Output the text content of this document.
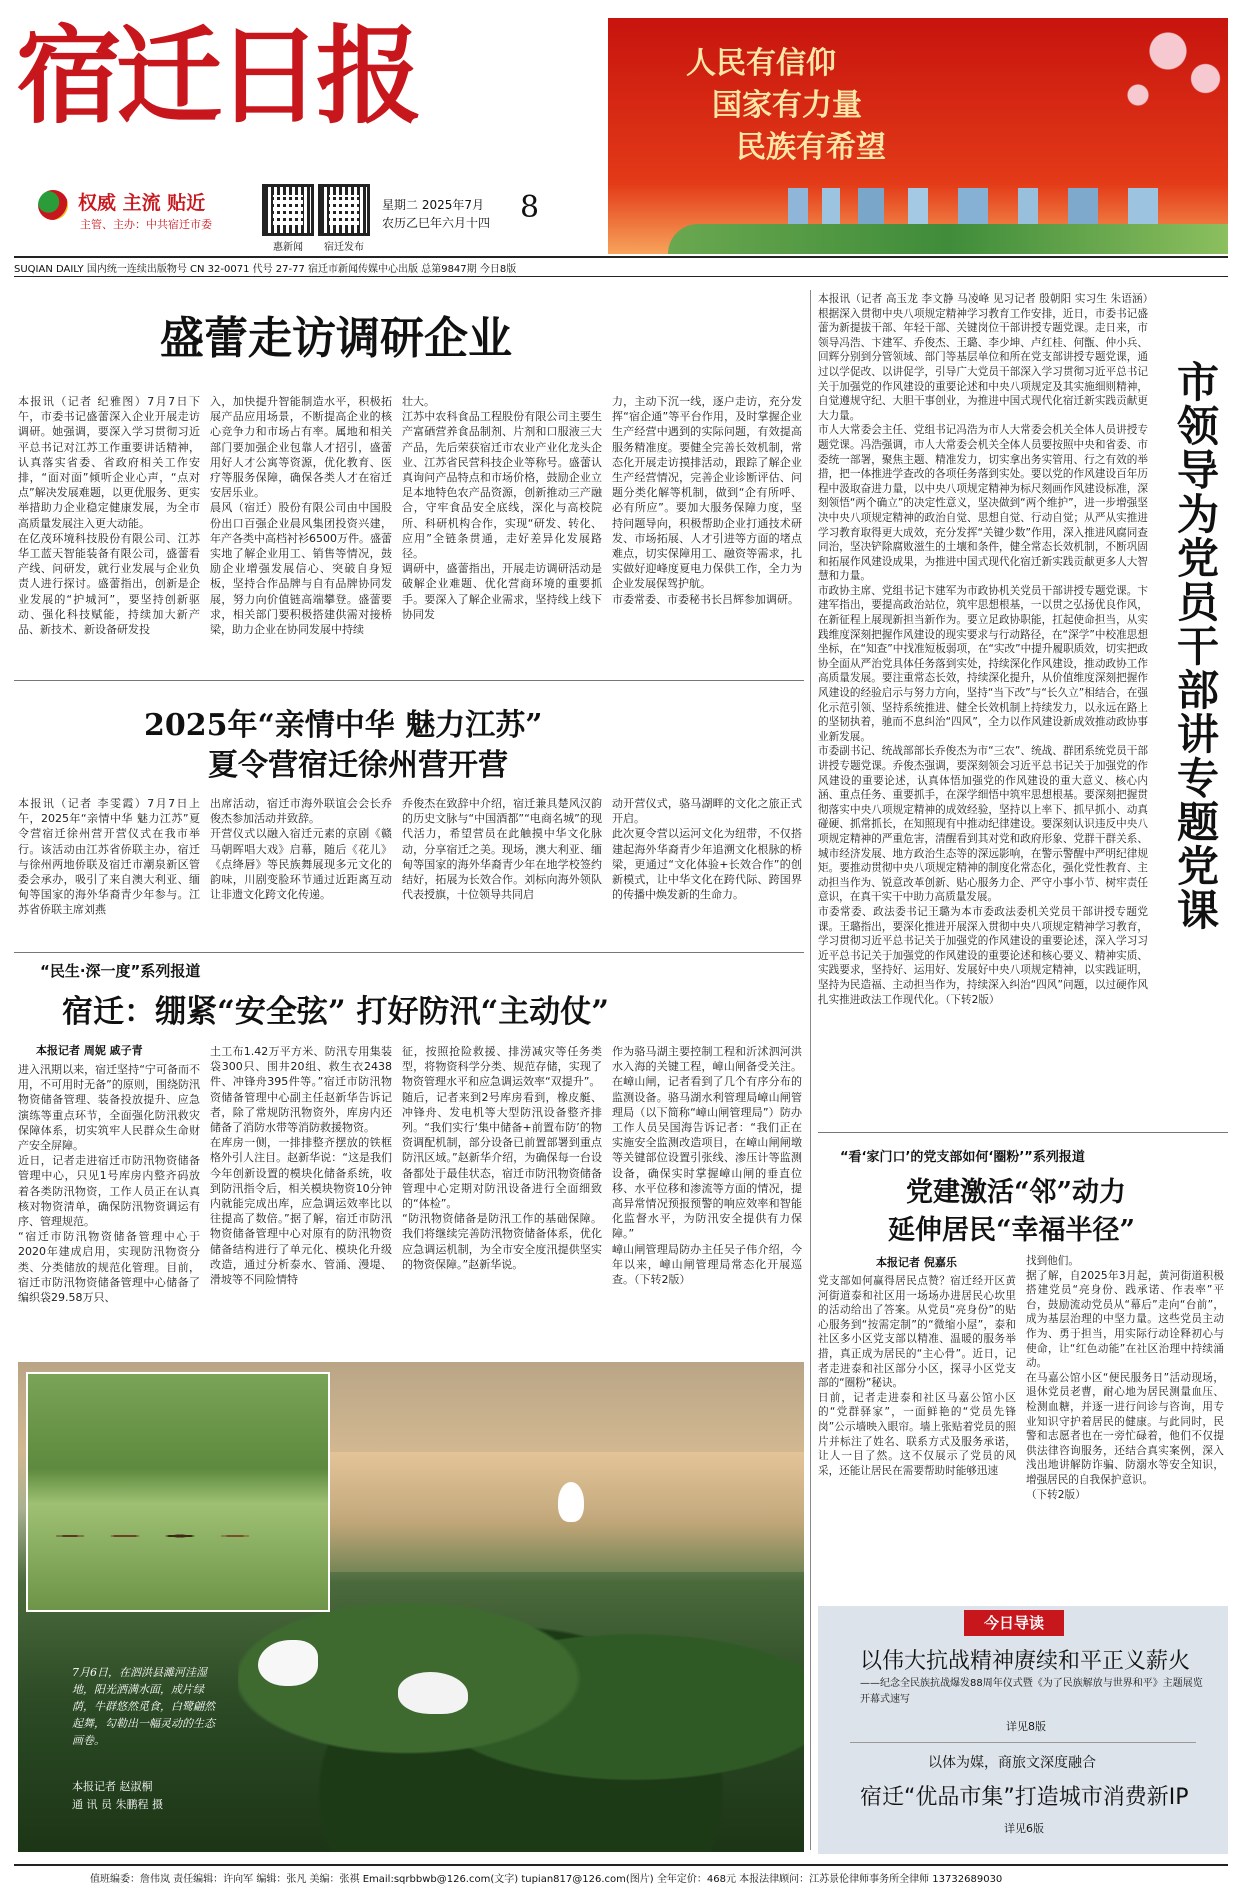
宿迁日报
权威 主流 贴近
主管、主办：中共宿迁市委
惠新闻	宿迁发布
星期二 2025年7月
农历乙巳年六月十四 8
人民有信仰
国家有力量
民族有希望
SUQIAN DAILY 国内统一连续出版物号 CN 32-0071 代号 27-77 宿迁市新闻传媒中心出版 总第9847期 今日8版
盛蕾走访调研企业
本报讯（记者 纪雅图）7月7日下午，市委书记盛蕾深入企业开展走访调研。她强调，要深入学习贯彻习近平总书记对江苏工作重要讲话精神，认真落实省委、省政府相关工作安排，“面对面”倾听企业心声，“点对点”解决发展难题，以更优服务、更实举措助力企业稳定健康发展，为全市高质量发展注入更大动能。
在亿茂环境科技股份有限公司、江苏华工蓝天智能装备有限公司，盛蕾看产线、问研发，就行业发展与企业负责人进行探讨。盛蕾指出，创新是企业发展的“护城河”，要坚持创新驱动、强化科技赋能，持续加大新产品、新技术、新设备研发投
入，加快提升智能制造水平，积极拓展产品应用场景，不断提高企业的核心竞争力和市场占有率。属地和相关部门要加强企业包靠人才招引，盛蕾用好人才公寓等资源，优化教育、医疗等服务保障，确保各类人才在宿迁安居乐业。
晨风（宿迁）股份有限公司由中国股份出口百强企业晨风集团投资兴建，年产各类中高档衬衫6500万件。盛蕾实地了解企业用工、销售等情况，鼓励企业增强发展信心、突破自身短板，坚持合作品牌与自有品牌协同发展，努力向价值链高端攀登。盛蕾要求，相关部门要积极搭建供需对接桥梁，助力企业在协同发展中持续
壮大。
江苏中农科食品工程股份有限公司主要生产富硒营养食品制剂、片剂和口服液三大产品，先后荣获宿迁市农业产业化龙头企业、江苏省民营科技企业等称号。盛蕾认真询问产品特点和市场价格，鼓励企业立足本地特色农产品资源，创新推动三产融合，守牢食品安全底线，深化与高校院所、科研机构合作，实现“研发、转化、应用”全链条贯通，走好差异化发展路径。
调研中，盛蕾指出，开展走访调研活动是破解企业难题、优化营商环境的重要抓手。要深入了解企业需求，坚持线上线下协同发
力，主动下沉一线，逐户走访，充分发挥“宿企通”等平台作用，及时掌握企业生产经营中遇到的实际问题，有效提高服务精准度。要健全完善长效机制，常态化开展走访摸排活动，跟踪了解企业生产经营情况，完善企业诊断评估、问题分类化解等机制，做到“企有所呼、必有所应”。要加大服务保障力度，坚持问题导向，积极帮助企业打通技术研发、市场拓展、人才引进等方面的堵点难点，切实保障用工、融资等需求，扎实做好迎峰度夏电力保供工作，全力为企业发展保驾护航。
市委常委、市委秘书长吕辉参加调研。
2025年“亲情中华 魅力江苏”
夏令营宿迁徐州营开营
本报讯（记者 李雯霞）7月7日上午，2025年“亲情中华 魅力江苏”夏令营宿迁徐州营开营仪式在我市举行。该活动由江苏省侨联主办，宿迁与徐州两地侨联及宿迁市潮泉新区管委会承办，吸引了来自澳大利亚、缅甸等国家的海外华裔青少年参与。江苏省侨联主席刘燕
出席活动，宿迁市海外联谊会会长乔俊杰参加活动并致辞。
开营仪式以融入宿迁元素的京剧《赣马朝晖唱大戏》启幕，随后《花儿》《点绛唇》等民族舞展现多元文化的韵味，川剧变脸环节通过近距离互动让非遗文化跨文化传递。
乔俊杰在致辞中介绍，宿迁兼具楚风汉韵的历史文脉与“中国酒都”“电商名城”的现代活力，希望营员在此触摸中华文化脉动，分享宿迁之美。现场，澳大利亚、缅甸等国家的海外华裔青少年在地学校签约结好，拓展为长效合作。刘标向海外领队代表授旗，十位领导共同启
动开营仪式，骆马湖畔的文化之旅正式开启。
此次夏令营以运河文化为纽带，不仅搭建起海外华裔青少年追溯文化根脉的桥梁，更通过“文化体验+长效合作”的创新模式，让中华文化在跨代际、跨国界的传播中焕发新的生命力。
“民生·深一度”系列报道
宿迁：绷紧“安全弦” 打好防汛“主动仗”
本报记者 周妮 戚子青
进入汛期以来，宿迁坚持“宁可备而不用，不可用时无备”的原则，围绕防汛物资储备管理、装备投放提升、应急演练等重点环节，全面强化防汛救灾保障体系，切实筑牢人民群众生命财产安全屏障。
近日，记者走进宿迁市防汛物资储备管理中心，只见1号库房内整齐码放着各类防汛物资，工作人员正在认真核对物资清单，确保防汛物资调运有序、管理规范。
“宿迁市防汛物资储备管理中心于2020年建成启用，实现防汛物资分类、分类储放的规范化管理。目前，宿迁市防汛物资储备管理中心储备了编织袋29.58万只、
土工布1.42万平方米、防汛专用集装袋300只、围井20组、救生衣2438件、冲锋舟395件等。”宿迁市防汛物资储备管理中心副主任赵新华告诉记者，除了常规防汛物资外，库房内还储备了消防水带等消防救援物资。
在库房一侧，一排排整齐摆放的铁框格外引人注目。赵新华说：“这是我们今年创新设置的模块化储备系统，收到防汛指令后，相关模块物资10分钟内就能完成出库，应急调运效率比以往提高了数倍。”据了解，宿迁市防汛物资储备管理中心对原有的防汛物资储备结构进行了单元化、模块化升级改造，通过分析泰水、管涌、漫堤、滑坡等不同险情特
征，按照抢险救援、排涝减灾等任务类型，将物资科学分类、规范存储，实现了物资管理水平和应急调运效率“双提升”。
随后，记者来到2号库房看到，橡皮艇、冲锋舟、发电机等大型防汛设备整齐排列。“我们实行‘集中储备+前置布防’的物资调配机制，部分设备已前置部署到重点防汛区域。”赵新华介绍，为确保每一台设备都处于最佳状态，宿迁市防汛物资储备管理中心定期对防汛设备进行全面细致的“体检”。
“防汛物资储备是防汛工作的基础保障。我们将继续完善防汛物资储备体系，优化应急调运机制，为全市安全度汛提供坚实的物资保障。”赵新华说。
作为骆马湖主要控制工程和沂沭泗河洪水入海的关键工程，嶂山闸备受关注。在嶂山闸，记者看到了几个有序分布的监测设备。骆马湖水利管理局嶂山闸管理局（以下简称“嶂山闸管理局”）防办工作人员吴国海告诉记者：“我们正在实施安全监测改造项目，在嶂山闸闸墩等关键部位设置引张线、渗压计等监测设备，确保实时掌握嶂山闸的垂直位移、水平位移和渗流等方面的情况，提高异常情况预报预警的响应效率和智能化监督水平，为防汛安全提供有力保障。”
嶂山闸管理局防办主任吴子伟介绍，今年以来，嶂山闸管理局常态化开展巡查。（下转2版）
7月6日，在泗洪县濉河洼湿地，阳光洒满水面，成片绿荫，牛群悠然觅食，白鹭翩然起舞，勾勒出一幅灵动的生态画卷。
本报记者 赵淑桐
通 讯 员 朱鹏程 摄
本报讯（记者 高玉龙 李文静 马凌峰 见习记者 殷朝阳 实习生 朱语涵）根据深入贯彻中央八项规定精神学习教育工作安排，近日，市委书记盛蕾为新提拔干部、年轻干部、关键岗位干部讲授专题党课。走日来，市领导冯浩、卞建军、乔俊杰、王璐、李少坤、卢红桂、何甑、仲小兵、回辉分别到分管领域、部门等基层单位和所在党支部讲授专题党课，通过以学促改、以讲促学，引导广大党员干部深入学习贯彻习近平总书记关于加强党的作风建设的重要论述和中央八项规定及其实施细则精神，自觉遵规守纪、大胆干事创业，为推进中国式现代化宿迁新实践贡献更大力量。
市人大常委会主任、党组书记冯浩为市人大常委会机关全体人员讲授专题党课。冯浩强调，市人大常委会机关全体人员要按照中央和省委、市委统一部署，聚焦主题、精准发力，切实拿出务实管用、行之有效的举措，把一体推进学查改的各项任务落到实处。要以党的作风建设百年历程中汲取奋进力量，以中央八项规定精神为标尺刻画作风建设标准，深刻领悟“两个确立”的决定性意义，坚决做到“两个维护”，进一步增强坚决中央八项规定精神的政治自觉、思想自觉、行动自觉；从严从实推进学习教育取得更大成效，充分发挥“关键少数”作用，深入推进风腐同查同治，坚决铲除腐败滋生的土壤和条件，健全常态长效机制，不断巩固和拓展作风建设成果，为推进中国式现代化宿迁新实践贡献更多人大智慧和力量。
市政协主席、党组书记卞建军为市政协机关党员干部讲授专题党课。卞建军指出，要提高政治站位，筑牢思想根基，一以贯之弘扬优良作风，在新征程上展现新担当新作为。要立足政协职能，扛起使命担当，从实践维度深刻把握作风建设的现实要求与行动路径，在“深学”中校准思想坐标，在“知查”中找准短板弱项，在“实改”中提升履职质效，切实把政协全面从严治党具体任务落到实处，持续深化作风建设，推动政协工作高质量发展。要注重常态长效，持续深化提升，从价值维度深刻把握作风建设的经验启示与努力方向，坚持“当下改”与“长久立”相结合，在强化示范引领、坚持系统推进、健全长效机制上持续发力，以永远在路上的坚韧执着，驰而不息纠治“四风”，全力以作风建设新成效推动政协事业新发展。
市委副书记、统战部部长乔俊杰为市“三农”、统战、群团系统党员干部讲授专题党课。乔俊杰强调，要深刻领会习近平总书记关于加强党的作风建设的重要论述，认真体悟加强党的作风建设的重大意义、核心内涵、重点任务、重要抓手，在深学细悟中筑牢思想根基。要深刻把握贯彻落实中央八项规定精神的成效经验，坚持以上率下、抓早抓小、动真碰硬、抓常抓长，在知照现有中推动纪律建设。要深刻认识违反中央八项规定精神的严重危害，清醒看到其对党和政府形象、党群干群关系、城市经济发展、地方政治生态等的深远影响，在警示警醒中严明纪律规矩。要推动贯彻中央八项规定精神的制度化常态化，强化党性教育、主动担当作为、锐意改革创新、贴心服务力企、严守小事小节、树牢责任意识，在真干实干中助力高质量发展。
市委常委、政法委书记王璐为本市委政法委机关党员干部讲授专题党课。王璐指出，要深化推进开展深入贯彻中央八项规定精神学习教育，学习贯彻习近平总书记关于加强党的作风建设的重要论述，深入学习习近平总书记关于加强党的作风建设的重要论述和核心要义、精神实质、实践要求，坚持好、运用好、发展好中央八项规定精神，以实践证明，坚持为民造福、主动担当作为，持续深入纠治“四风”问题，以过硬作风扎实推进政法工作现代化。（下转2版）
市领导为党员干部讲专题党课
“看‘家门口’的党支部如何‘圈粉’”系列报道
党建激活“邻”动力
延伸居民“幸福半径”
本报记者 倪嘉乐
党支部如何赢得居民点赞？宿迁经开区黄河街道泰和社区用一场场办进居民心坎里的活动给出了答案。从党员“亮身份”的贴心服务到“按需定制”的“微缩小屋”，泰和社区多小区党支部以精准、温暖的服务举措，真正成为居民的“主心骨”。近日，记者走进泰和社区部分小区，探寻小区党支部的“圈粉”秘诀。
日前，记者走进泰和社区马嘉公馆小区的“党群驿家”，一面鲜艳的“党员先锋岗”公示墙映入眼帘。墙上张贴着党员的照片并标注了姓名、联系方式及服务承诺，让人一目了然。这不仅展示了党员的风采，还能让居民在需要帮助时能够迅速
找到他们。
据了解，自2025年3月起，黄河街道积极搭建党员“亮身份、践承诺、作表率”平台，鼓励流动党员从“幕后”走向“台前”，成为基层治理的中坚力量。这些党员主动作为、勇于担当，用实际行动诠释初心与使命，让“红色动能”在社区治理中持续涌动。
在马嘉公馆小区“便民服务日”活动现场，退休党员老曹，耐心地为居民测量血压、检测血糖，并逐一进行问诊与咨询，用专业知识守护着居民的健康。与此同时，民警和志愿者也在一旁忙碌着，他们不仅提供法律咨询服务，还结合真实案例，深入浅出地讲解防诈骗、防溺水等安全知识，增强居民的自我保护意识。
（下转2版）
今日导读
以伟大抗战精神赓续和平正义薪火
——纪念全民族抗战爆发88周年仪式暨《为了民族解放与世界和平》主题展览开幕式速写
详见8版
以体为媒，商旅文深度融合
宿迁“优品市集”打造城市消费新IP
详见6版
值班编委：詹伟岚 责任编辑：许向军 编辑：张凡 美编：张祺 Email:sqrbbwb@126.com(文字) tupian817@126.com(图片) 全年定价：468元 本报法律顾问：江苏景伦律师事务所全律师 13732689030
